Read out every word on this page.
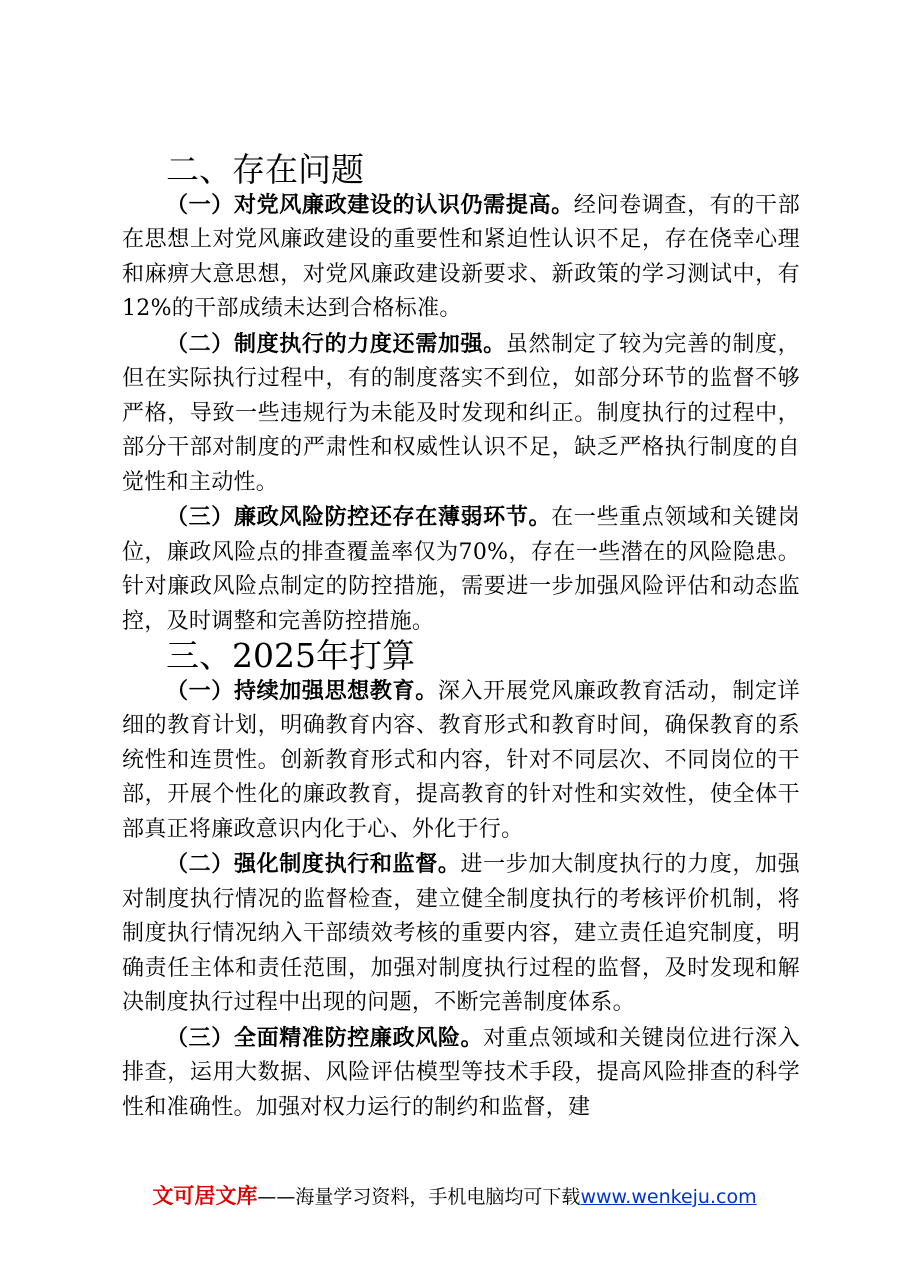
二、存在问题

（一）对党风廉政建设的认识仍需提高。经问卷调查，有的干部在思想上对党风廉政建设的重要性和紧迫性认识不足，存在侥幸心理和麻痹大意思想，对党风廉政建设新要求、新政策的学习测试中，有12%的干部成绩未达到合格标准。

（二）制度执行的力度还需加强。虽然制定了较为完善的制度，但在实际执行过程中，有的制度落实不到位，如部分环节的监督不够严格，导致一些违规行为未能及时发现和纠正。制度执行的过程中，部分干部对制度的严肃性和权威性认识不足，缺乏严格执行制度的自觉性和主动性。

（三）廉政风险防控还存在薄弱环节。在一些重点领域和关键岗位，廉政风险点的排查覆盖率仅为70%，存在一些潜在的风险隐患。针对廉政风险点制定的防控措施，需要进一步加强风险评估和动态监控，及时调整和完善防控措施。

三、2025年打算

（一）持续加强思想教育。深入开展党风廉政教育活动，制定详细的教育计划，明确教育内容、教育形式和教育时间，确保教育的系统性和连贯性。创新教育形式和内容，针对不同层次、不同岗位的干部，开展个性化的廉政教育，提高教育的针对性和实效性，使全体干部真正将廉政意识内化于心、外化于行。

（二）强化制度执行和监督。进一步加大制度执行的力度，加强对制度执行情况的监督检查，建立健全制度执行的考核评价机制，将制度执行情况纳入干部绩效考核的重要内容，建立责任追究制度，明确责任主体和责任范围，加强对制度执行过程的监督，及时发现和解决制度执行过程中出现的问题，不断完善制度体系。

（三）全面精准防控廉政风险。对重点领域和关键岗位进行深入排查，运用大数据、风险评估模型等技术手段，提高风险排查的科学性和准确性。加强对权力运行的制约和监督，建

文可居文库——海量学习资料，手机电脑均可下载www.wenkeju.com
